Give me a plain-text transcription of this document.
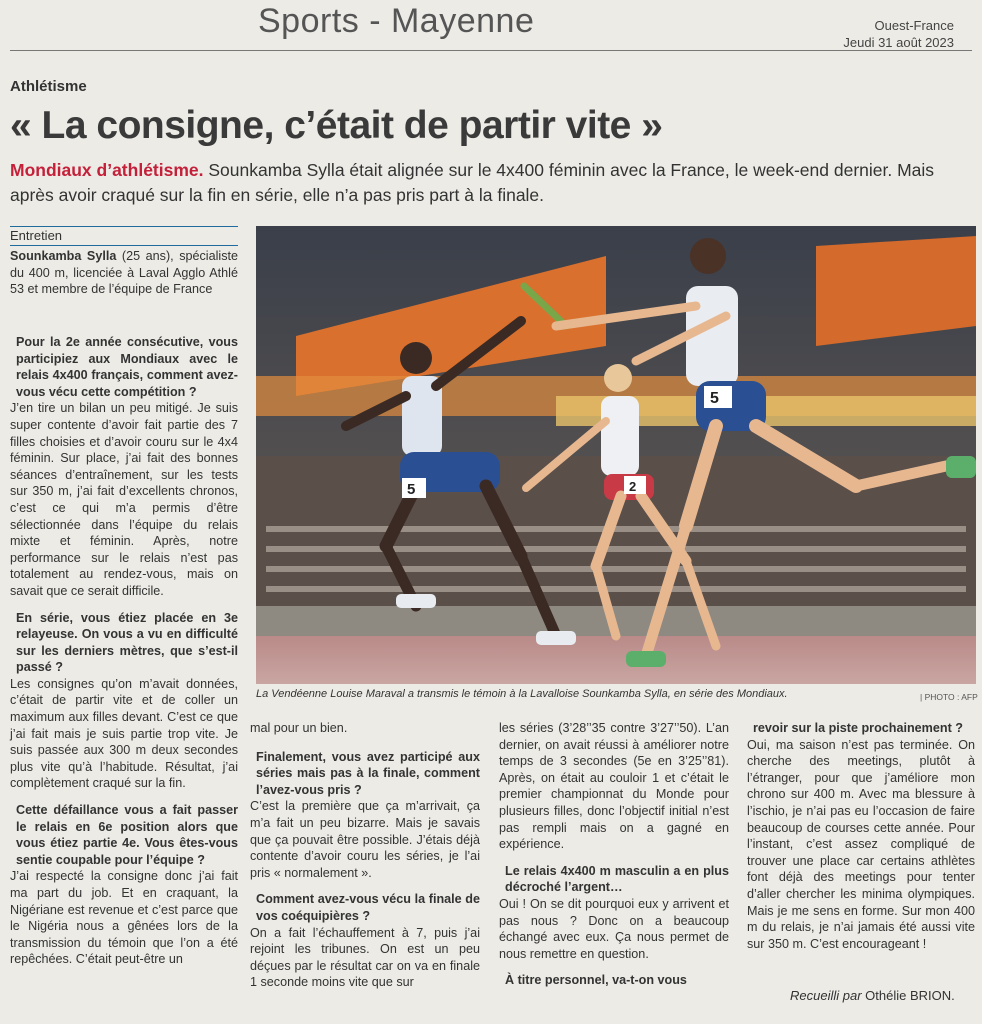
Sports - Mayenne	Ouest-France
Jeudi 31 août 2023
Athlétisme
« La consigne, c’était de partir vite »
Mondiaux d’athlétisme. Sounkamba Sylla était alignée sur le 4x400 féminin avec la France, le week-end dernier. Mais après avoir craqué sur la fin en série, elle n’a pas pris part à la finale.
Entretien
Sounkamba Sylla (25 ans), spécialiste du 400 m, licenciée à Laval Agglo Athlé 53 et membre de l’équipe de France

Pour la 2e année consécutive, vous participiez aux Mondiaux avec le relais 4x400 français, comment avez-vous vécu cette compétition ?

J’en tire un bilan un peu mitigé. Je suis super contente d’avoir fait partie des 7 filles choisies et d’avoir couru sur le 4x4 féminin. Sur place, j’ai fait des bonnes séances d’entraînement, sur les tests sur 350 m, j’ai fait d’excellents chronos, c’est ce qui m’a permis d’être sélectionnée dans l’équipe du relais mixte et féminin. Après, notre performance sur le relais n’est pas totalement au rendez-vous, mais on savait que ce serait difficile.

En série, vous étiez placée en 3e relayeuse. On vous a vu en difficulté sur les derniers mètres, que s’est-il passé ?

Les consignes qu’on m’avait données, c’était de partir vite et de coller un maximum aux filles devant. C’est ce que j’ai fait mais je suis partie trop vite. Je suis passée aux 300 m deux secondes plus vite qu’à l’habitude. Résultat, j’ai complètement craqué sur la fin.

Cette défaillance vous a fait passer le relais en 6e position alors que vous étiez partie 4e. Vous êtes-vous sentie coupable pour l’équipe ?

J’ai respecté la consigne donc j’ai fait ma part du job. Et en craquant, la Nigériane est revenue et c’est parce que le Nigéria nous a gênées lors de la transmission du témoin que l’on a été repêchées. C’était peut-être un

5	2
5
La Vendéenne Louise Maraval a transmis le témoin à la Lavalloise Sounkamba Sylla, en série des Mondiaux.	| PHOTO : AFP

mal pour un bien.

Finalement, vous avez participé aux séries mais pas à la finale, comment l’avez-vous pris ?

C’est la première que ça m’arrivait, ça m’a fait un peu bizarre. Mais je savais que ça pouvait être possible. J’étais déjà contente d’avoir couru les séries, je l’ai pris « normalement ».

Comment avez-vous vécu la finale de vos coéquipières ?

On a fait l’échauffement à 7, puis j’ai rejoint les tribunes. On est un peu déçues par le résultat car on va en finale 1 seconde moins vite que sur

les séries (3’28’’35 contre 3’27’’50). L’an dernier, on avait réussi à améliorer notre temps de 3 secondes (5e en 3’25’’81). Après, on était au couloir 1 et c’était le premier championnat du Monde pour plusieurs filles, donc l’objectif initial n’est pas rempli mais on a gagné en expérience.

Le relais 4x400 m masculin a en plus décroché l’argent…

Oui ! On se dit pourquoi eux y arrivent et pas nous ? Donc on a beaucoup échangé avec eux. Ça nous permet de nous remettre en question.

À titre personnel, va-t-on vous

revoir sur la piste prochainement ?

Oui, ma saison n’est pas terminée. On cherche des meetings, plutôt à l’étranger, pour que j’améliore mon chrono sur 400 m. Avec ma blessure à l’ischio, je n’ai pas eu l’occasion de faire beaucoup de courses cette année. Pour l’instant, c’est assez compliqué de trouver une place car certains athlètes font déjà des meetings pour tenter d’aller chercher les minima olympiques. Mais je me sens en forme. Sur mon 400 m du relais, je n’ai jamais été aussi vite sur 350 m. C’est encourageant !

Recueilli par Othélie BRION.
